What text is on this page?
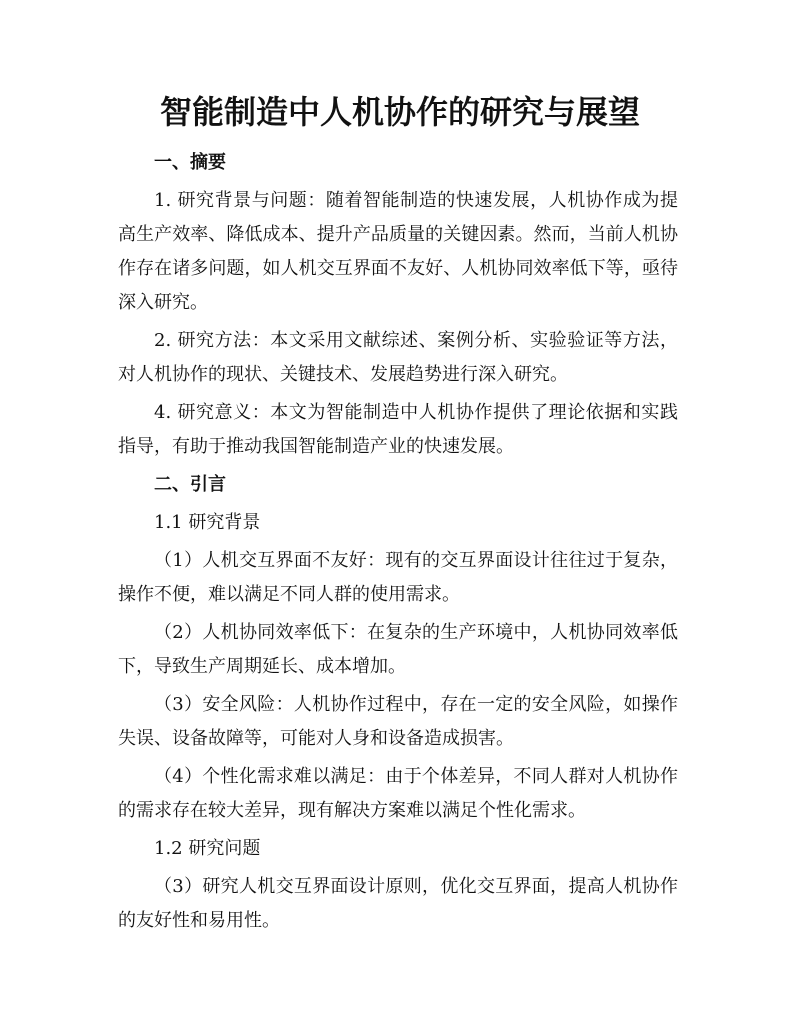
智能制造中人机协作的研究与展望
一、摘要
1. 研究背景与问题：随着智能制造的快速发展，人机协作成为提高生产效率、降低成本、提升产品质量的关键因素。然而，当前人机协作存在诸多问题，如人机交互界面不友好、人机协同效率低下等，亟待深入研究。
2. 研究方法：本文采用文献综述、案例分析、实验验证等方法，对人机协作的现状、关键技术、发展趋势进行深入研究。
4. 研究意义：本文为智能制造中人机协作提供了理论依据和实践指导，有助于推动我国智能制造产业的快速发展。
二、引言
1.1 研究背景
（1）人机交互界面不友好：现有的交互界面设计往往过于复杂，操作不便，难以满足不同人群的使用需求。
（2）人机协同效率低下：在复杂的生产环境中，人机协同效率低下，导致生产周期延长、成本增加。
（3）安全风险：人机协作过程中，存在一定的安全风险，如操作失误、设备故障等，可能对人身和设备造成损害。
（4）个性化需求难以满足：由于个体差异，不同人群对人机协作的需求存在较大差异，现有解决方案难以满足个性化需求。
1.2 研究问题
（3）研究人机交互界面设计原则，优化交互界面，提高人机协作的友好性和易用性。
